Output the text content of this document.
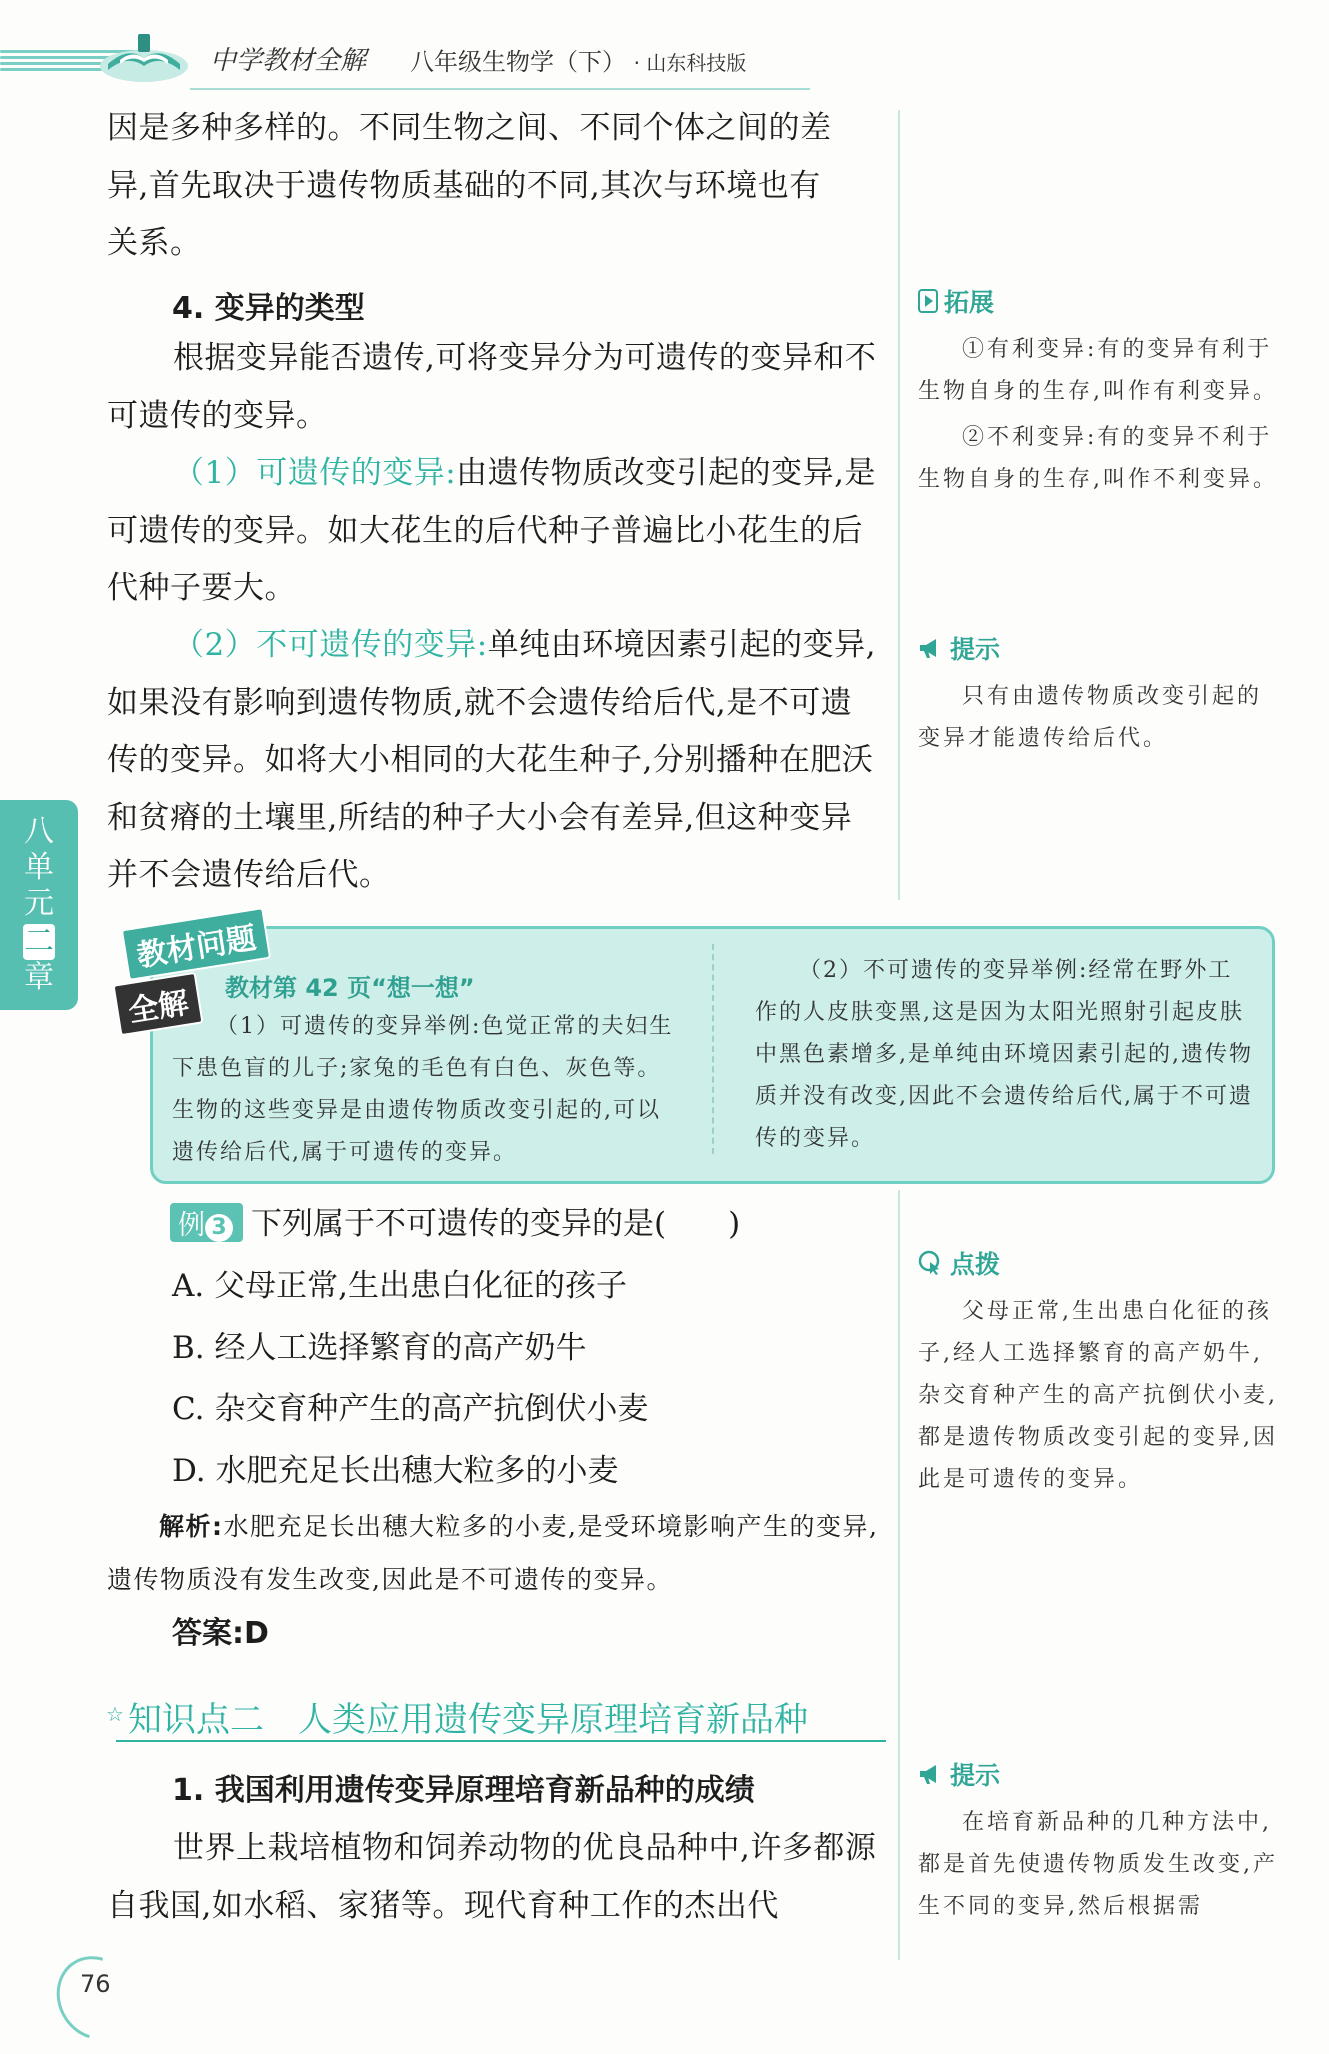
中学教材全解 八年级生物学（下） · 山东科技版

因是多种多样的。不同生物之间、不同个体之间的差

异,首先取决于遗传物质基础的不同,其次与环境也有

关系。

4. 变异的类型

根据变异能否遗传,可将变异分为可遗传的变异和不可遗传的变异。

（1）可遗传的变异:由遗传物质改变引起的变异,是可遗传的变异。如大花生的后代种子普遍比小花生的后代种子要大。

（2）不可遗传的变异:单纯由环境因素引起的变异,如果没有影响到遗传物质,就不会遗传给后代,是不可遗传的变异。如将大小相同的大花生种子,分别播种在肥沃和贫瘠的土壤里,所结的种子大小会有差异,但这种变异并不会遗传给后代。

八单元
二
章
拓展

①有利变异:有的变异有利于生物自身的生存,叫作有利变异。

②不利变异:有的变异不利于生物自身的生存,叫作不利变异。

提示

只有由遗传物质改变引起的变异才能遗传给后代。

点拨

父母正常,生出患白化征的孩子,经人工选择繁育的高产奶牛,杂交育种产生的高产抗倒伏小麦,都是遗传物质改变引起的变异,因此是可遗传的变异。

提示

在培育新品种的几种方法中,都是首先使遗传物质发生改变,产生不同的变异,然后根据需

教材问题
全解	教材第 42 页“想一想”

（1）可遗传的变异举例:色觉正常的夫妇生下患色盲的儿子;家兔的毛色有白色、灰色等。生物的这些变异是由遗传物质改变引起的,可以遗传给后代,属于可遗传的变异。

（2）不可遗传的变异举例:经常在野外工作的人皮肤变黑,这是因为太阳光照射引起皮肤中黑色素增多,是单纯由环境因素引起的,遗传物质并没有改变,因此不会遗传给后代,属于不可遗传的变异。

例 3 下列属于不可遗传的变异的是(　　)
A. 父母正常,生出患白化征的孩子
B. 经人工选择繁育的高产奶牛
C. 杂交育种产生的高产抗倒伏小麦
D. 水肥充足长出穗大粒多的小麦

解析:水肥充足长出穗大粒多的小麦,是受环境影响产生的变异,遗传物质没有发生改变,因此是不可遗传的变异。

答案:D
☆ 知识点二　人类应用遗传变异原理培育新品种
1. 我国利用遗传变异原理培育新品种的成绩

世界上栽培植物和饲养动物的优良品种中,许多都源自我国,如水稻、家猪等。现代育种工作的杰出代

76
